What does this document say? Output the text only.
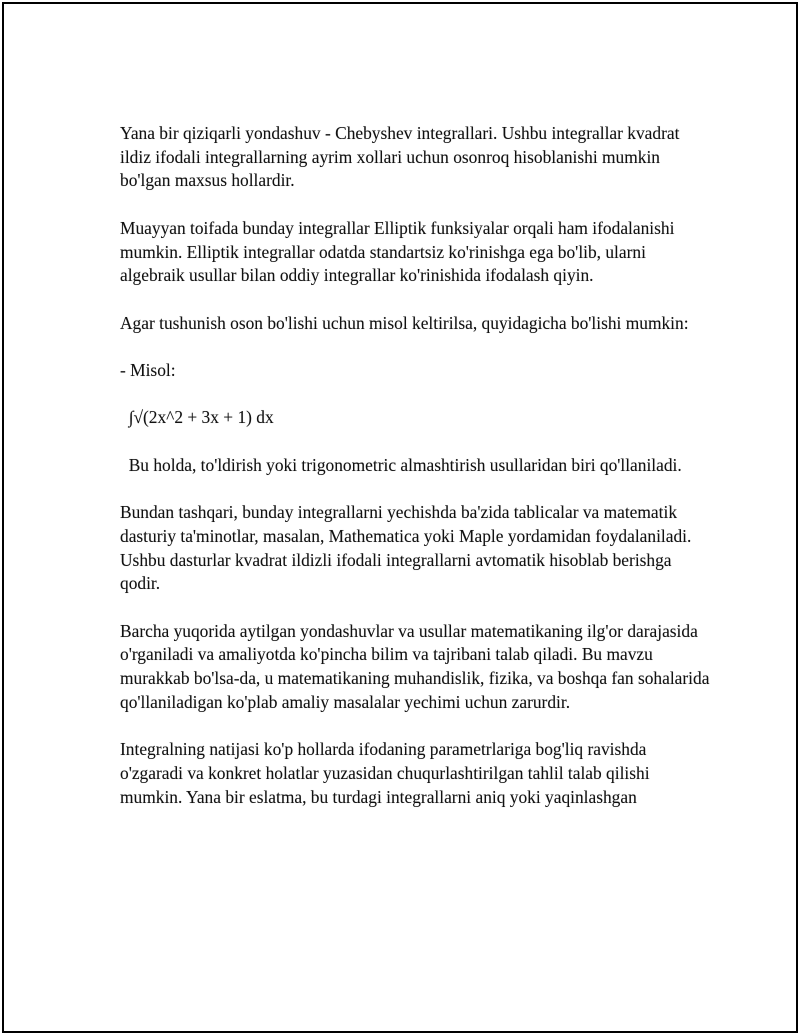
Yana bir qiziqarli yondashuv - Chebyshev integrallari. Ushbu integrallar kvadrat ildiz ifodali integrallarning ayrim xollari uchun osonroq hisoblanishi mumkin bo'lgan maxsus hollardir.

Muayyan toifada bunday integrallar Elliptik funksiyalar orqali ham ifodalanishi mumkin. Elliptik integrallar odatda standartsiz ko'rinishga ega bo'lib, ularni algebraik usullar bilan oddiy integrallar ko'rinishida ifodalash qiyin.

Agar tushunish oson bo'lishi uchun misol keltirilsa, quyidagicha bo'lishi mumkin:

- Misol:

∫√(2x^2 + 3x + 1) dx

Bu holda, to'ldirish yoki trigonometric almashtirish usullaridan biri qo'llaniladi.

Bundan tashqari, bunday integrallarni yechishda ba'zida tablicalar va matematik dasturiy ta'minotlar, masalan, Mathematica yoki Maple yordamidan foydalaniladi. Ushbu dasturlar kvadrat ildizli ifodali integrallarni avtomatik hisoblab berishga qodir.

Barcha yuqorida aytilgan yondashuvlar va usullar matematikaning ilg'or darajasida o'rganiladi va amaliyotda ko'pincha bilim va tajribani talab qiladi. Bu mavzu murakkab bo'lsa-da, u matematikaning muhandislik, fizika, va boshqa fan sohalarida qo'llaniladigan ko'plab amaliy masalalar yechimi uchun zarurdir.

Integralning natijasi ko'p hollarda ifodaning parametrlariga bog'liq ravishda o'zgaradi va konkret holatlar yuzasidan chuqurlashtirilgan tahlil talab qilishi mumkin. Yana bir eslatma, bu turdagi integrallarni aniq yoki yaqinlashgan
